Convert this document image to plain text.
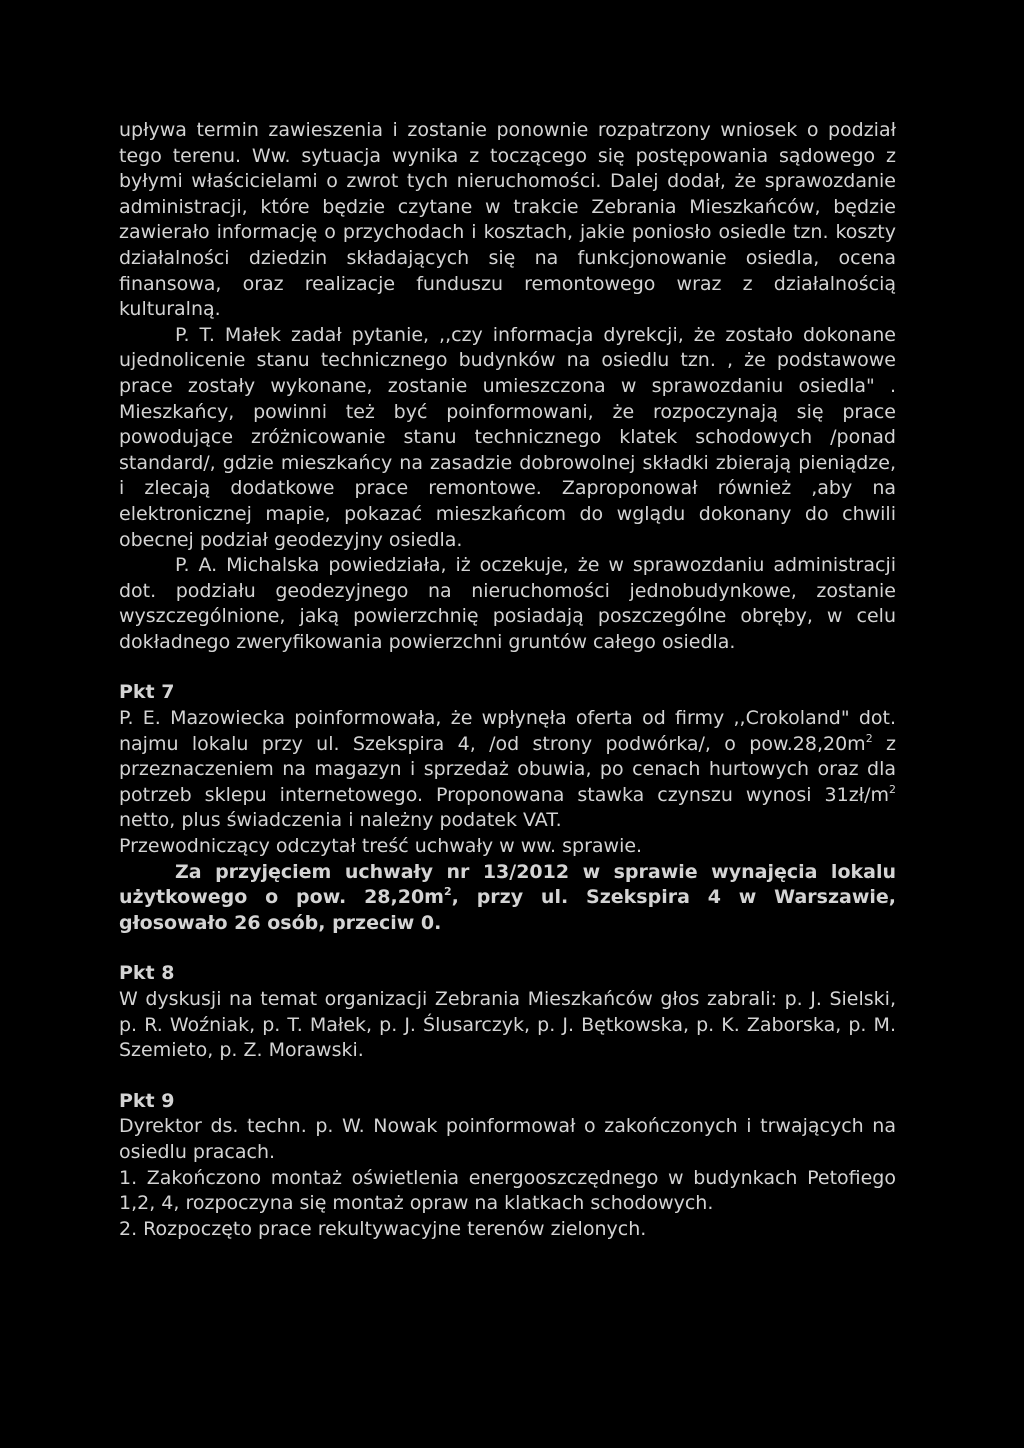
upływa termin zawieszenia i zostanie ponownie rozpatrzony wniosek o podział tego terenu. Ww. sytuacja wynika z toczącego się postępowania sądowego z byłymi właścicielami o zwrot tych nieruchomości. Dalej dodał, że sprawozdanie administracji, które będzie czytane w trakcie Zebrania Mieszkańców, będzie zawierało informację o przychodach i kosztach, jakie poniosło osiedle tzn. koszty działalności dziedzin składających się na funkcjonowanie osiedla, ocena finansowa, oraz realizacje funduszu remontowego wraz z działalnością kulturalną.

P. T. Małek zadał pytanie, ,,czy informacja dyrekcji, że zostało dokonane ujednolicenie stanu technicznego budynków na osiedlu tzn. , że podstawowe prace zostały wykonane, zostanie umieszczona w sprawozdaniu osiedla" . Mieszkańcy, powinni też być poinformowani, że rozpoczynają się prace powodujące zróżnicowanie stanu technicznego klatek schodowych /ponad standard/, gdzie mieszkańcy na zasadzie dobrowolnej składki zbierają pieniądze, i zlecają dodatkowe prace remontowe. Zaproponował również ,aby na elektronicznej mapie, pokazać mieszkańcom do wglądu dokonany do chwili obecnej podział geodezyjny osiedla.

P. A. Michalska powiedziała, iż oczekuje, że w sprawozdaniu administracji dot. podziału geodezyjnego na nieruchomości jednobudynkowe, zostanie wyszczególnione, jaką powierzchnię posiadają poszczególne obręby, w celu dokładnego zweryfikowania powierzchni gruntów całego osiedla.

Pkt 7

P. E. Mazowiecka poinformowała, że wpłynęła oferta od firmy ,,Crokoland" dot. najmu lokalu przy ul. Szekspira 4, /od strony podwórka/, o $pow.28,20m^2$ z przeznaczeniem na magazyn i sprzedaż obuwia, po cenach hurtowych oraz dla potrzeb sklepu internetowego. Proponowana stawka czynszu wynosi $31zł/m^2$ netto, plus świadczenia i należny podatek VAT.

Przewodniczący odczytał treść uchwały w ww. sprawie.

Za przyjęciem uchwały nr 13/2012 w sprawie wynajęcia lokalu użytkowego o pow. $28,20m^2$, przy ul. Szekspira 4 w Warszawie, głosowało 26 osób, przeciw 0.

Pkt 8

W dyskusji na temat organizacji Zebrania Mieszkańców głos zabrali: p. J. Sielski, p. R. Woźniak, p. T. Małek, p. J. Ślusarczyk, p. J. Bętkowska, p. K. Zaborska, p. M. Szemieto, p. Z. Morawski.

Pkt 9

Dyrektor ds. techn. p. W. Nowak poinformował o zakończonych i trwających na osiedlu pracach.

1. Zakończono montaż oświetlenia energooszczędnego w budynkach Petofiego 1,2, 4, rozpoczyna się montaż opraw na klatkach schodowych.

2. Rozpoczęto prace rekultywacyjne terenów zielonych.
